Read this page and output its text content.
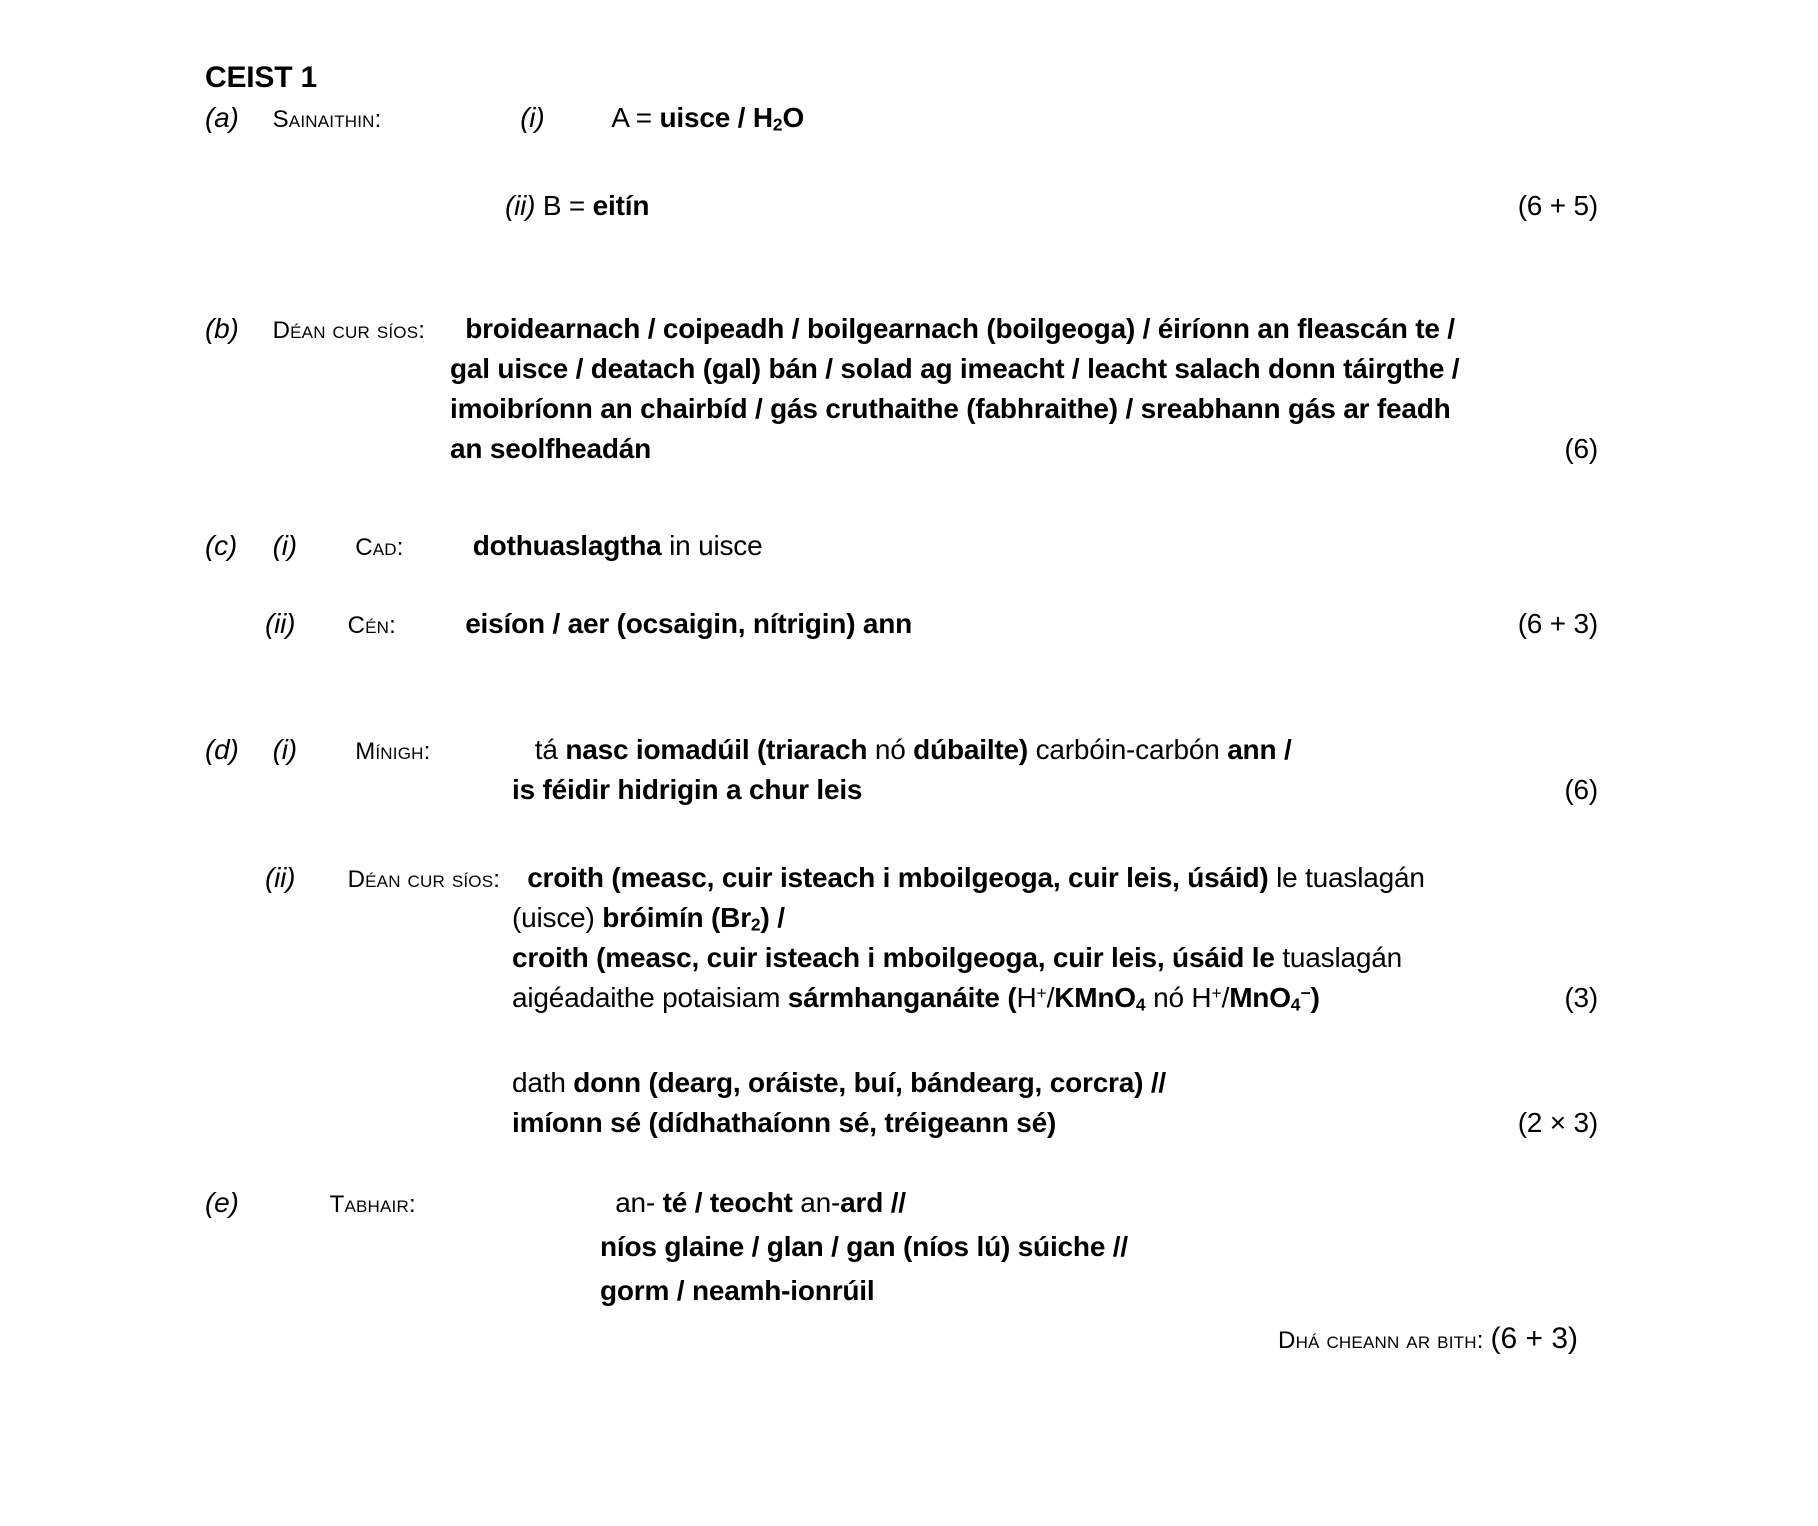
CEIST 1
(a) Sainaithin:	(i) A = uisce / $H_2O$
(ii) B = eitín	(6 + 5)
(b) Déan cur síos: broidearnach / coipeadh / boilgearnach (boilgeoga) / éiríonn an fleascán te /
gal uisce / deatach (gal) bán / solad ag imeacht / leacht salach donn táirgthe /
imoibríonn an chairbíd / gás cruthaithe (fabhraithe) / sreabhann gás ar feadh
an seolfheadán	(6)
(c) (i) Cad: dothuaslagtha in uisce
(ii) Cén: eisíon / aer (ocsaigin, nítrigin) ann	(6 + 3)
(d) (i) Mínigh:	tá nasc iomadúil (triarach nó dúbailte) carbóin-carbón ann /
is féidir hidrigin a chur leis	(6)
(ii) Déan cur síos: croith (measc, cuir isteach i mboilgeoga, cuir leis, úsáid) le tuaslagán
(uisce) bróimín $(Br_2)$ /
croith (measc, cuir isteach i mboilgeoga, cuir leis, úsáid le tuaslagán
aigéadaithe potaisiam sármhanganáite (H+/KMnO$_4$ nó H+/MnO$_4$−)	(3)
dath donn (dearg, oráiste, buí, bándearg, corcra) //
imíonn sé (dídhathaíonn sé, tréigeann sé)	(2 × 3)
(e)	Tabhair:	an- té / teocht an-ard //
níos glaine / glan / gan (níos lú) súiche //
gorm / neamh-ionrúil
Dhá cheann ar bith: (6 + 3)
